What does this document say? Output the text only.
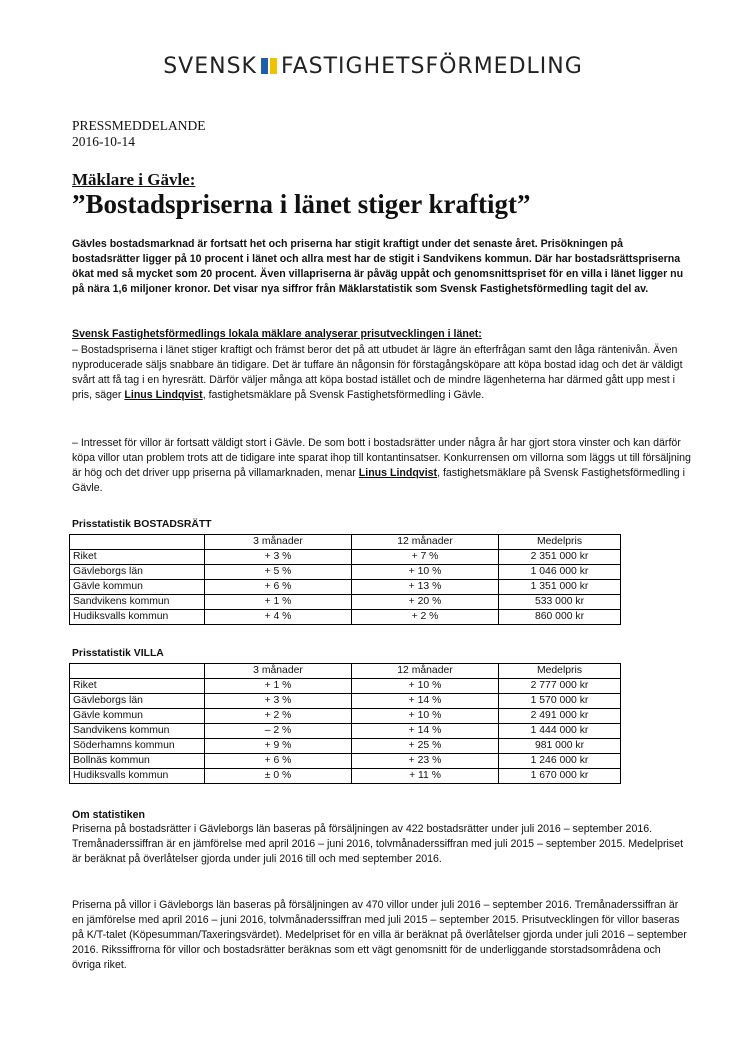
SVENSK FASTIGHETSFÖRMEDLING
PRESSMEDDELANDE
2016-10-14
Mäklare i Gävle:
”Bostadspriserna i länet stiger kraftigt”
Gävles bostadsmarknad är fortsatt het och priserna har stigit kraftigt under det senaste året. Prisökningen på bostadsrätter ligger på 10 procent i länet och allra mest har de stigit i Sandvikens kommun. Där har bostadsrättspriserna ökat med så mycket som 20 procent. Även villapriserna är påväg uppåt och genomsnittspriset för en villa i länet ligger nu på nära 1,6 miljoner kronor. Det visar nya siffror från Mäklarstatistik som Svensk Fastighetsförmedling tagit del av.
Svensk Fastighetsförmedlings lokala mäklare analyserar prisutvecklingen i länet:
– Bostadspriserna i länet stiger kraftigt och främst beror det på att utbudet är lägre än efterfrågan samt den låga räntenivån. Även nyproducerade säljs snabbare än tidigare. Det är tuffare än någonsin för förstagångsköpare att köpa bostad idag och det är väldigt svårt att få tag i en hyresrätt. Därför väljer många att köpa bostad istället och de mindre lägenheterna har därmed gått upp mest i pris, säger Linus Lindqvist, fastighetsmäklare på Svensk Fastighetsförmedling i Gävle.
– Intresset för villor är fortsatt väldigt stort i Gävle. De som bott i bostadsrätter under några år har gjort stora vinster och kan därför köpa villor utan problem trots att de tidigare inte sparat ihop till kontantinsatser. Konkurrensen om villorna som läggs ut till försäljning är hög och det driver upp priserna på villamarknaden, menar Linus Lindqvist, fastighetsmäklare på Svensk Fastighetsförmedling i Gävle.
Prisstatistik BOSTADSRÄTT
	3 månader	12 månader	Medelpris
Riket	+ 3 %	+ 7 %	2 351 000 kr
Gävleborgs län	+ 5 %	+ 10 %	1 046 000 kr
Gävle kommun	+ 6 %	+ 13 %	1 351 000 kr
Sandvikens kommun	+ 1 %	+ 20 %	533 000 kr
Hudiksvalls kommun	+ 4 %	+ 2 %	860 000 kr
Prisstatistik VILLA
	3 månader	12 månader	Medelpris
Riket	+ 1 %	+ 10 %	2 777 000 kr
Gävleborgs län	+ 3 %	+ 14 %	1 570 000 kr
Gävle kommun	+ 2 %	+ 10 %	2 491 000 kr
Sandvikens kommun	– 2 %	+ 14 %	1 444 000 kr
Söderhamns kommun	+ 9 %	+ 25 %	981 000 kr
Bollnäs kommun	+ 6 %	+ 23 %	1 246 000 kr
Hudiksvalls kommun	± 0 %	+ 11 %	1 670 000 kr
Om statistiken
Priserna på bostadsrätter i Gävleborgs län baseras på försäljningen av 422 bostadsrätter under juli 2016 – september 2016. Tremånaderssiffran är en jämförelse med april 2016 – juni 2016, tolvmånaderssiffran med juli 2015 – september 2015. Medelpriset är beräknat på överlåtelser gjorda under juli 2016 till och med september 2016.
Priserna på villor i Gävleborgs län baseras på försäljningen av 470 villor under juli 2016 – september 2016. Tremånaderssiffran är en jämförelse med april 2016 – juni 2016, tolvmånaderssiffran med juli 2015 – september 2015. Prisutvecklingen för villor baseras på K/T-talet (Köpesumman/Taxeringsvärdet). Medelpriset för en villa är beräknat på överlåtelser gjorda under juli 2016 – september 2016. Rikssiffrorna för villor och bostadsrätter beräknas som ett vägt genomsnitt för de underliggande storstadsområdena och övriga riket.
